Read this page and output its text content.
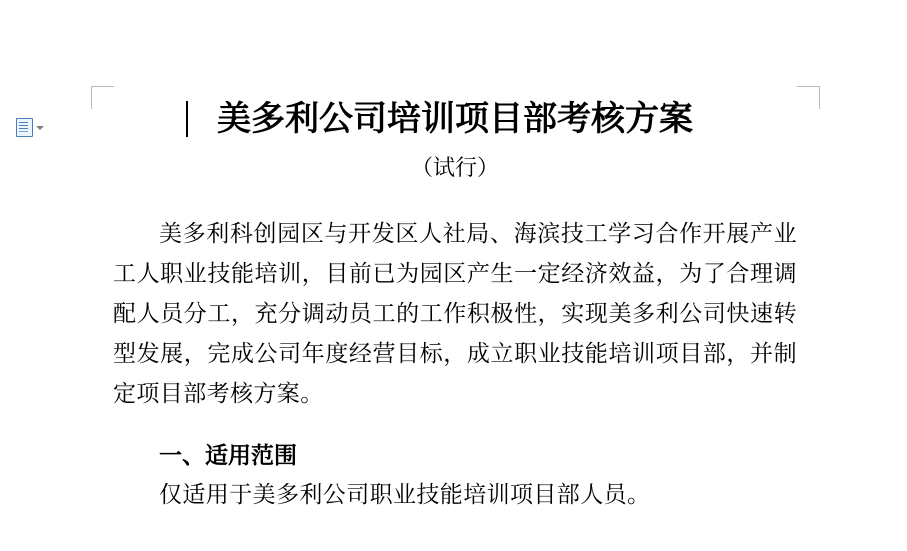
美多利公司培训项目部考核方案
（试行）

美多利科创园区与开发区人社局、海滨技工学习合作开展产业工人职业技能培训，目前已为园区产生一定经济效益，为了合理调配人员分工，充分调动员工的工作积极性，实现美多利公司快速转型发展，完成公司年度经营目标，成立职业技能培训项目部，并制定项目部考核方案。

一、适用范围

仅适用于美多利公司职业技能培训项目部人员。
